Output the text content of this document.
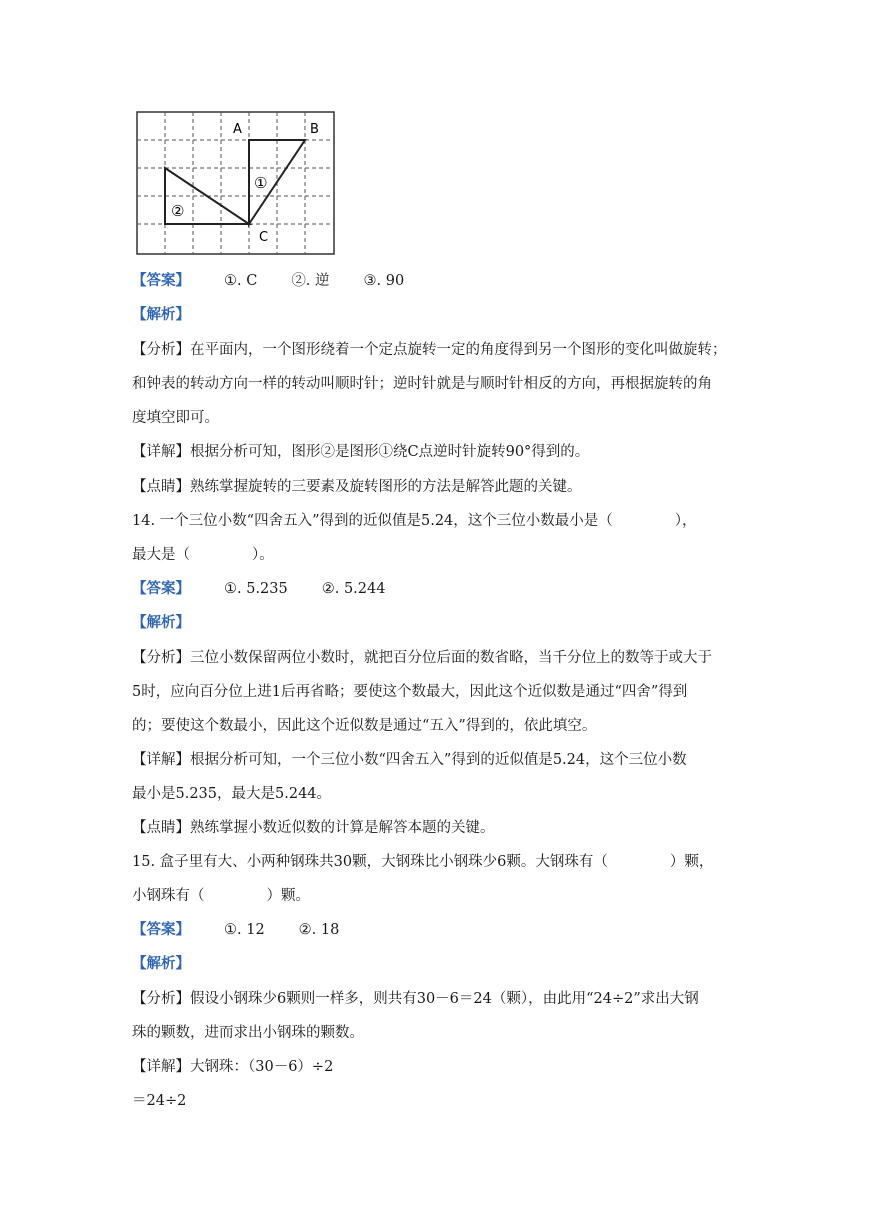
A	B
C
①
②
【答案】 ①. C ②. 逆 ③. 90
【解析】
【分析】在平面内，一个图形绕着一个定点旋转一定的角度得到另一个图形的变化叫做旋转；
和钟表的转动方向一样的转动叫顺时针；逆时针就是与顺时针相反的方向，再根据旋转的角
度填空即可。
【详解】根据分析可知，图形②是图形①绕C点逆时针旋转90°得到的。
【点睛】熟练掌握旋转的三要素及旋转图形的方法是解答此题的关键。
14. 一个三位小数“四舍五入”得到的近似值是5.24，这个三位小数最小是（	），
最大是（	）。
【答案】 ①. 5.235 ②. 5.244
【解析】
【分析】三位小数保留两位小数时，就把百分位后面的数省略，当千分位上的数等于或大于
5时，应向百分位上进1后再省略；要使这个数最大，因此这个近似数是通过“四舍”得到
的；要使这个数最小，因此这个近似数是通过“五入”得到的，依此填空。
【详解】根据分析可知，一个三位小数“四舍五入”得到的近似值是5.24，这个三位小数
最小是5.235，最大是5.244。
【点睛】熟练掌握小数近似数的计算是解答本题的关键。
15. 盒子里有大、小两种钢珠共30颗，大钢珠比小钢珠少6颗。大钢珠有（	）颗，
小钢珠有（	）颗。
【答案】 ①. 12 ②. 18
【解析】
【分析】假设小钢珠少6颗则一样多，则共有30－6＝24（颗），由此用“24÷2”求出大钢
珠的颗数，进而求出小钢珠的颗数。
【详解】大钢珠：（30－6）÷2
＝24÷2
